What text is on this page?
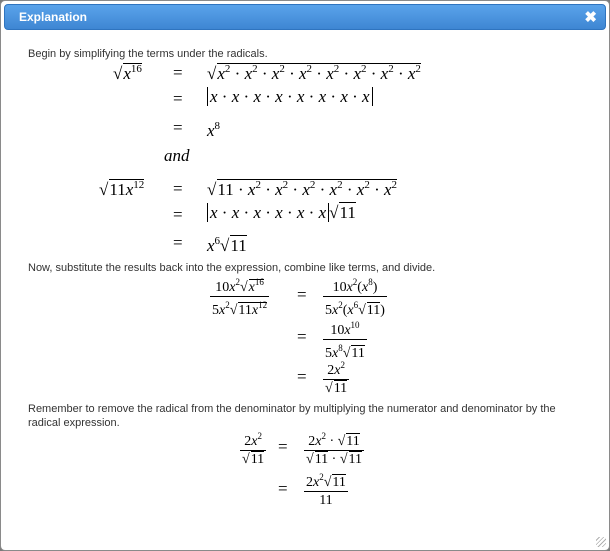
Explanation	✖
Begin by simplifying the terms under the radicals.
$√x^{16} = √x^2 \cdot x^2 \cdot x^2 \cdot x^2 \cdot x^2 \cdot x^2 \cdot x^2 \cdot x^2$
= x · x · x · x · x · x · x · x
= $x^8$
and
$√11x^{12} = √11 \cdot x^2 \cdot x^2 \cdot x^2 \cdot x^2 \cdot x^2 \cdot x^2$
= x · x · x · x · x · x √11
= $x^6√11$
Now, substitute the results back into the expression, combine like terms, and divide.
$\frac{10x^2√x^{16}}{5x^2√11x^{12}} = \frac{10x^2(x^8)}{5x^2(x^6√11)}$
= $\frac{10x^{10}}{5x^8√11}$
= $\frac{2x^2}{√11}$
Remember to remove the radical from the denominator by multiplying the numerator and denominator by the radical expression.
$\frac{2x^2}{√11} = \frac{2x^2 \cdot √11}{√11 \cdot √11}$
= $\frac{2x^2√11}{11}$
